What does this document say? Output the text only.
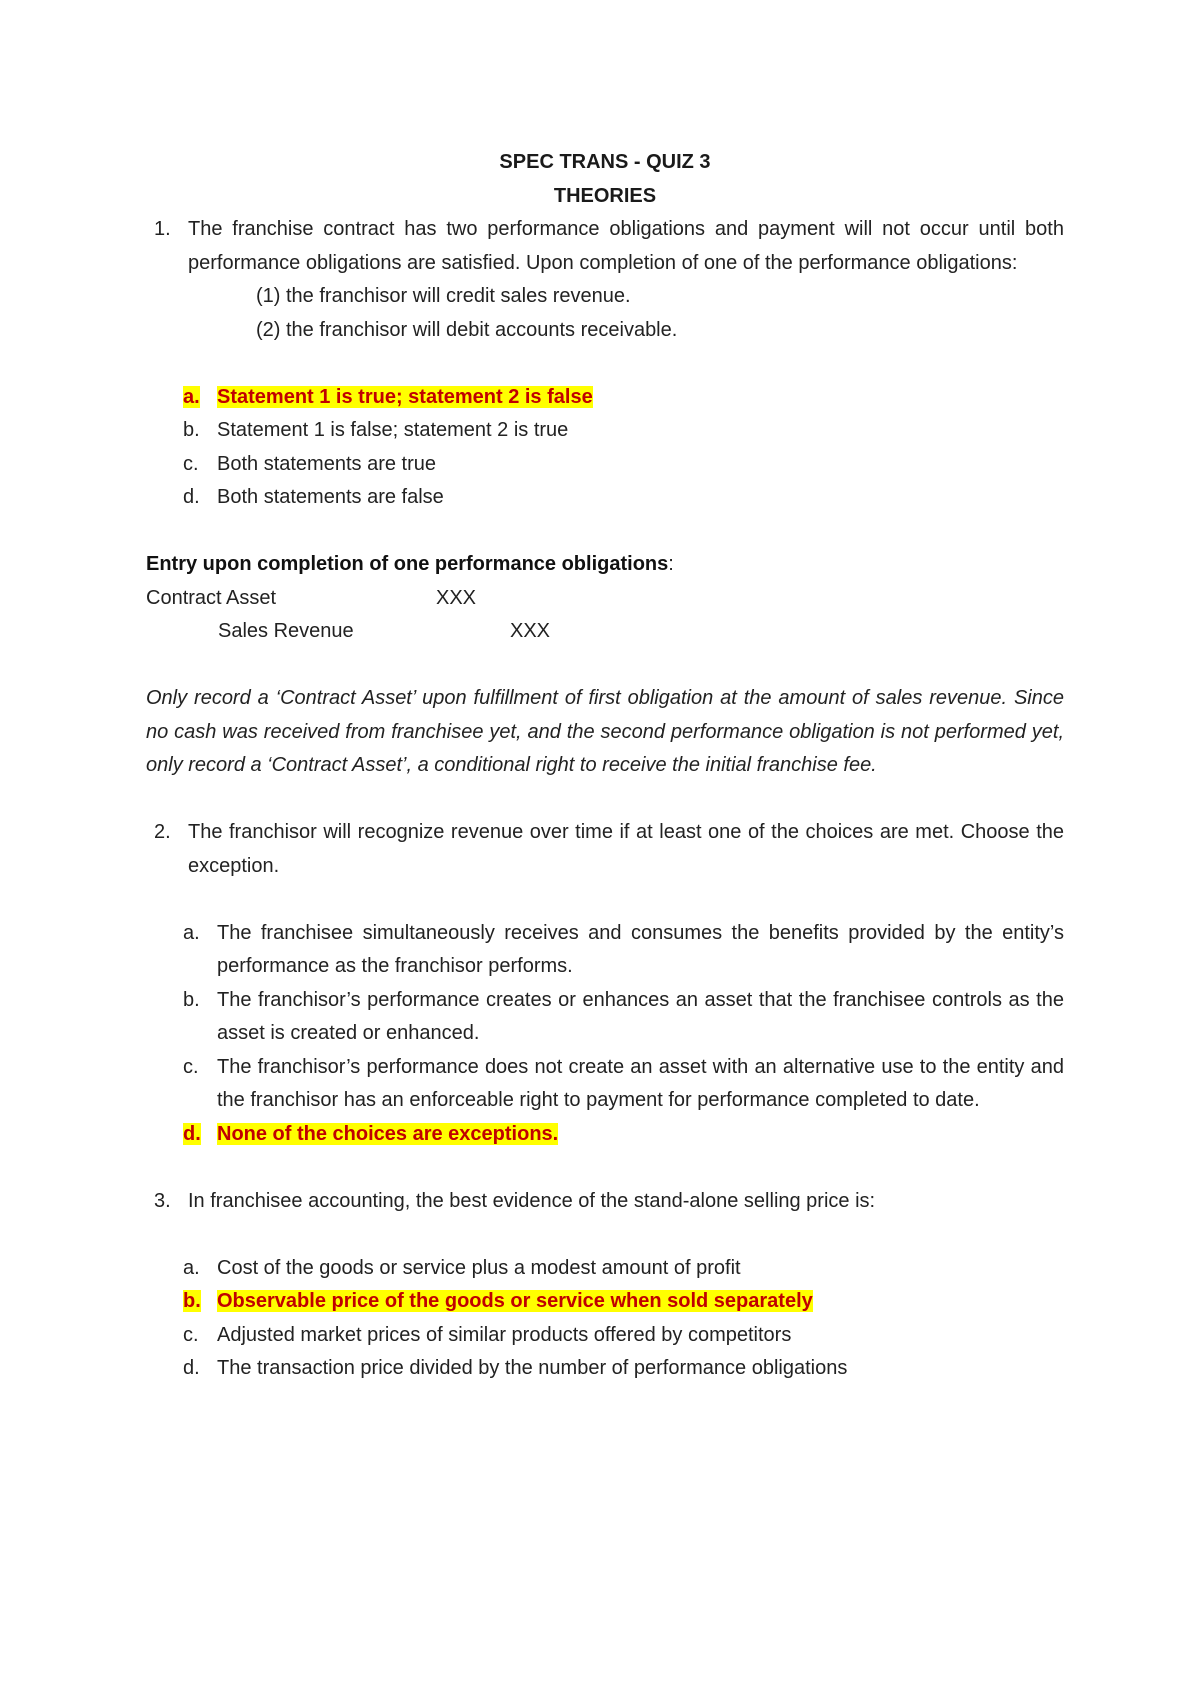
SPEC TRANS - QUIZ 3
THEORIES
1. The franchise contract has two performance obligations and payment will not occur until both performance obligations are satisfied. Upon completion of one of the performance obligations:
(1) the franchisor will credit sales revenue.
(2) the franchisor will debit accounts receivable.
a. Statement 1 is true; statement 2 is false
b. Statement 1 is false; statement 2 is true
c. Both statements are true
d. Both statements are false
Entry upon completion of one performance obligations:
Contract Asset	XXX
Sales Revenue	XXX
Only record a ‘Contract Asset’ upon fulfillment of first obligation at the amount of sales revenue. Since no cash was received from franchisee yet, and the second performance obligation is not performed yet, only record a ‘Contract Asset’, a conditional right to receive the initial franchise fee.
2. The franchisor will recognize revenue over time if at least one of the choices are met. Choose the exception.
a. The franchisee simultaneously receives and consumes the benefits provided by the entity’s performance as the franchisor performs.
b. The franchisor’s performance creates or enhances an asset that the franchisee controls as the asset is created or enhanced.
c. The franchisor’s performance does not create an asset with an alternative use to the entity and the franchisor has an enforceable right to payment for performance completed to date.
d. None of the choices are exceptions.
3. In franchisee accounting, the best evidence of the stand-alone selling price is:
a. Cost of the goods or service plus a modest amount of profit
b. Observable price of the goods or service when sold separately
c. Adjusted market prices of similar products offered by competitors
d. The transaction price divided by the number of performance obligations
